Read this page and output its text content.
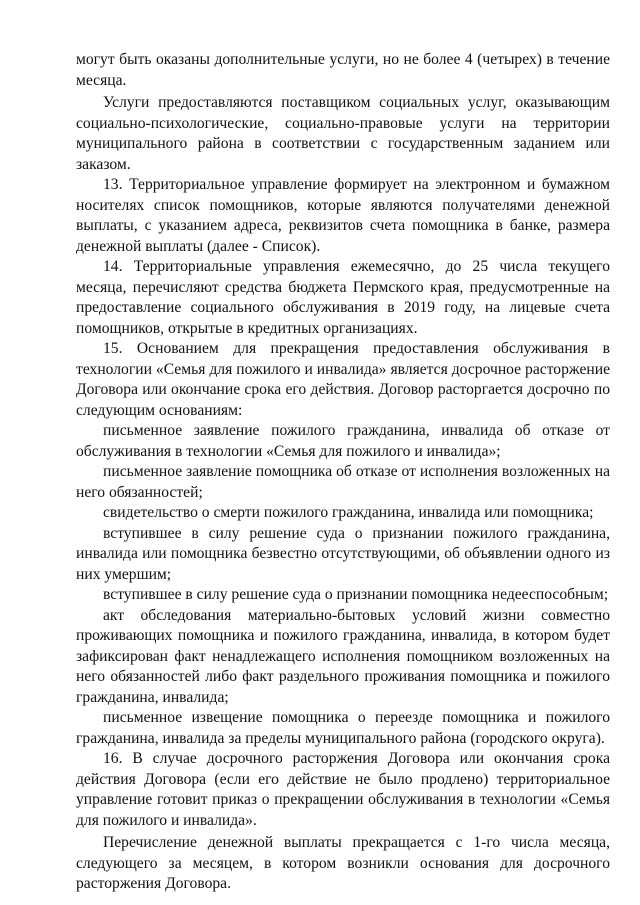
могут быть оказаны дополнительные услуги, но не более 4 (четырех) в течение месяца.

Услуги предоставляются поставщиком социальных услуг, оказывающим социально-психологические, социально-правовые услуги на территории муниципального района в соответствии с государственным заданием или заказом.

13. Территориальное управление формирует на электронном и бумажном носителях список помощников, которые являются получателями денежной выплаты, с указанием адреса, реквизитов счета помощника в банке, размера денежной выплаты (далее - Список).

14. Территориальные управления ежемесячно, до 25 числа текущего месяца, перечисляют средства бюджета Пермского края, предусмотренные на предоставление социального обслуживания в 2019 году, на лицевые счета помощников, открытые в кредитных организациях.

15. Основанием для прекращения предоставления обслуживания в технологии «Семья для пожилого и инвалида» является досрочное расторжение Договора или окончание срока его действия. Договор расторгается досрочно по следующим основаниям:

письменное заявление пожилого гражданина, инвалида об отказе от обслуживания в технологии «Семья для пожилого и инвалида»;

письменное заявление помощника об отказе от исполнения возложенных на него обязанностей;

свидетельство о смерти пожилого гражданина, инвалида или помощника;

вступившее в силу решение суда о признании пожилого гражданина, инвалида или помощника безвестно отсутствующими, об объявлении одного из них умершим;

вступившее в силу решение суда о признании помощника недееспособным;

акт обследования материально-бытовых условий жизни совместно проживающих помощника и пожилого гражданина, инвалида, в котором будет зафиксирован факт ненадлежащего исполнения помощником возложенных на него обязанностей либо факт раздельного проживания помощника и пожилого гражданина, инвалида;

письменное извещение помощника о переезде помощника и пожилого гражданина, инвалида за пределы муниципального района (городского округа).

16. В случае досрочного расторжения Договора или окончания срока действия Договора (если его действие не было продлено) территориальное управление готовит приказ о прекращении обслуживания в технологии «Семья для пожилого и инвалида».

Перечисление денежной выплаты прекращается с 1-го числа месяца, следующего за месяцем, в котором возникли основания для досрочного расторжения Договора.
